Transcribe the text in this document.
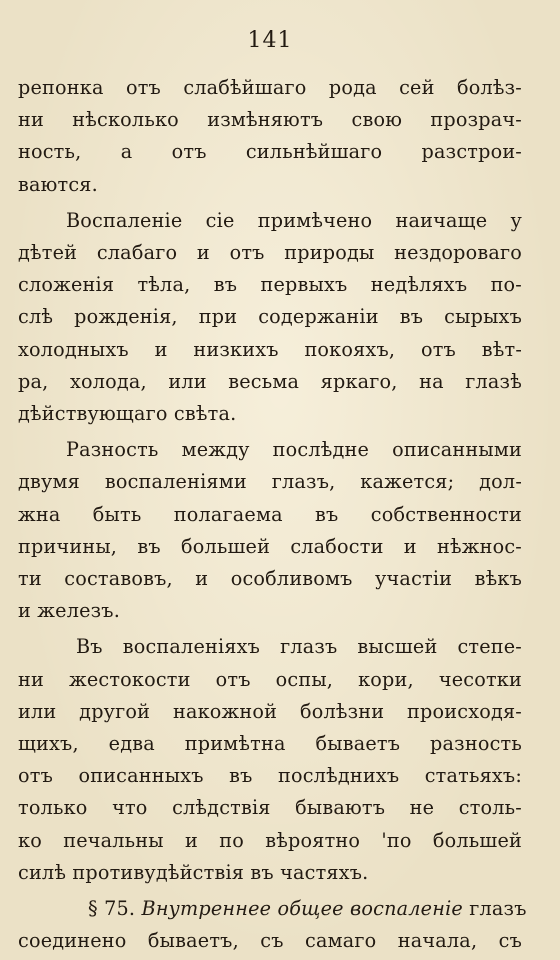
141
репонка отъ слабѣйшаго рода сей болѣз-
ни нѣсколько измѣняютъ свою прозрач-
ность, а отъ сильнѣйшаго разстрои-
ваются.
Воспаленіе сіе примѣчено наичаще у
дѣтей слабаго и отъ природы нездороваго
сложенія тѣла, въ первыхъ недѣляхъ по-
слѣ рожденія, при содержаніи въ сырыхъ
холодныхъ и низкихъ покояхъ, отъ вѣт-
ра, холода, или весьма яркаго, на глазѣ
дѣйствующаго свѣта.
Разность между послѣдне описанными
двумя воспаленіями глазъ, кажется; дол-
жна быть полагаема въ собственности
причины, въ большей слабости и нѣжнос-
ти составовъ, и особливомъ участіи вѣкъ
и железъ.
Въ воспаленіяхъ глазъ высшей степе-
ни жестокости отъ оспы, кори, чесотки
или другой накожной болѣзни происходя-
щихъ, едва примѣтна бываетъ разность
отъ описанныхъ въ послѣднихъ статьяхъ:
только что слѣдствія бываютъ не столь-
ко печальны и по вѣроятно 'по большей
силѣ противудѣйствія въ частяхъ.
§ 75. Внутреннее общее воспаленіе глазъ
соединено бываетъ, съ самаго начала, съ
